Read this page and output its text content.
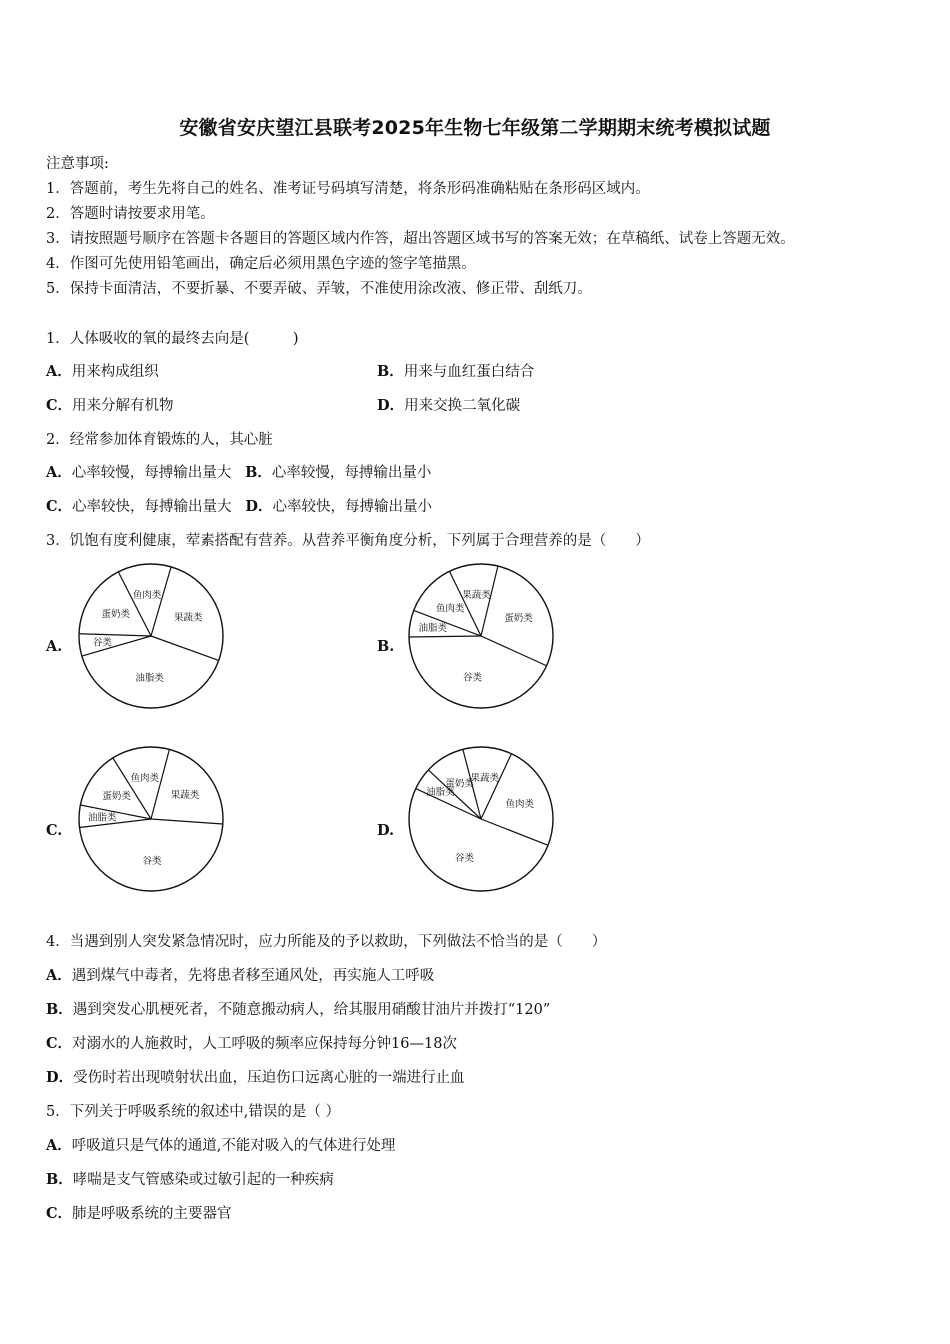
安徽省安庆望江县联考2025年生物七年级第二学期期末统考模拟试题
注意事项:
1．答题前，考生先将自己的姓名、准考证号码填写清楚，将条形码准确粘贴在条形码区域内。
2．答题时请按要求用笔。
3．请按照题号顺序在答题卡各题目的答题区域内作答，超出答题区域书写的答案无效；在草稿纸、试卷上答题无效。
4．作图可先使用铅笔画出，确定后必须用黑色字迹的签字笔描黑。
5．保持卡面清洁，不要折暴、不要弄破、弄皱，不准使用涂改液、修正带、刮纸刀。
1．人体吸收的氧的最终去向是(　　　)
A．用来构成组织	B．用来与血红蛋白结合
C．用来分解有机物	D．用来交换二氧化碳
2．经常参加体育锻炼的人，其心脏
A．心率较慢，每搏输出量大 B．心率较慢，每搏输出量小
C．心率较快，每搏输出量大 D．心率较快，每搏输出量小
3．饥饱有度利健康，荤素搭配有营养。从营养平衡角度分析，下列属于合理营养的是（　　）
A.
鱼肉类
果蔬类
油脂类
谷类
蛋奶类
B.
果蔬类
蛋奶类
谷类
油脂类
鱼肉类
C.
鱼肉类
果蔬类
谷类
油脂类
蛋奶类
D.
鱼肉类
谷类
油脂类
蛋奶类
果蔬类
4．当遇到别人突发紧急情况时，应力所能及的予以救助，下列做法不恰当的是（　　）
A．遇到煤气中毒者，先将患者移至通风处，再实施人工呼吸
B．遇到突发心肌梗死者，不随意搬动病人，给其服用硝酸甘油片并拨打“120”
C．对溺水的人施救时，人工呼吸的频率应保持每分钟16—18次
D．受伤时若出现喷射状出血，压迫伤口远离心脏的一端进行止血
5．下列关于呼吸系统的叙述中,错误的是（ ）
A．呼吸道只是气体的通道,不能对吸入的气体进行处理
B．哮喘是支气管感染或过敏引起的一种疾病
C．肺是呼吸系统的主要器官
